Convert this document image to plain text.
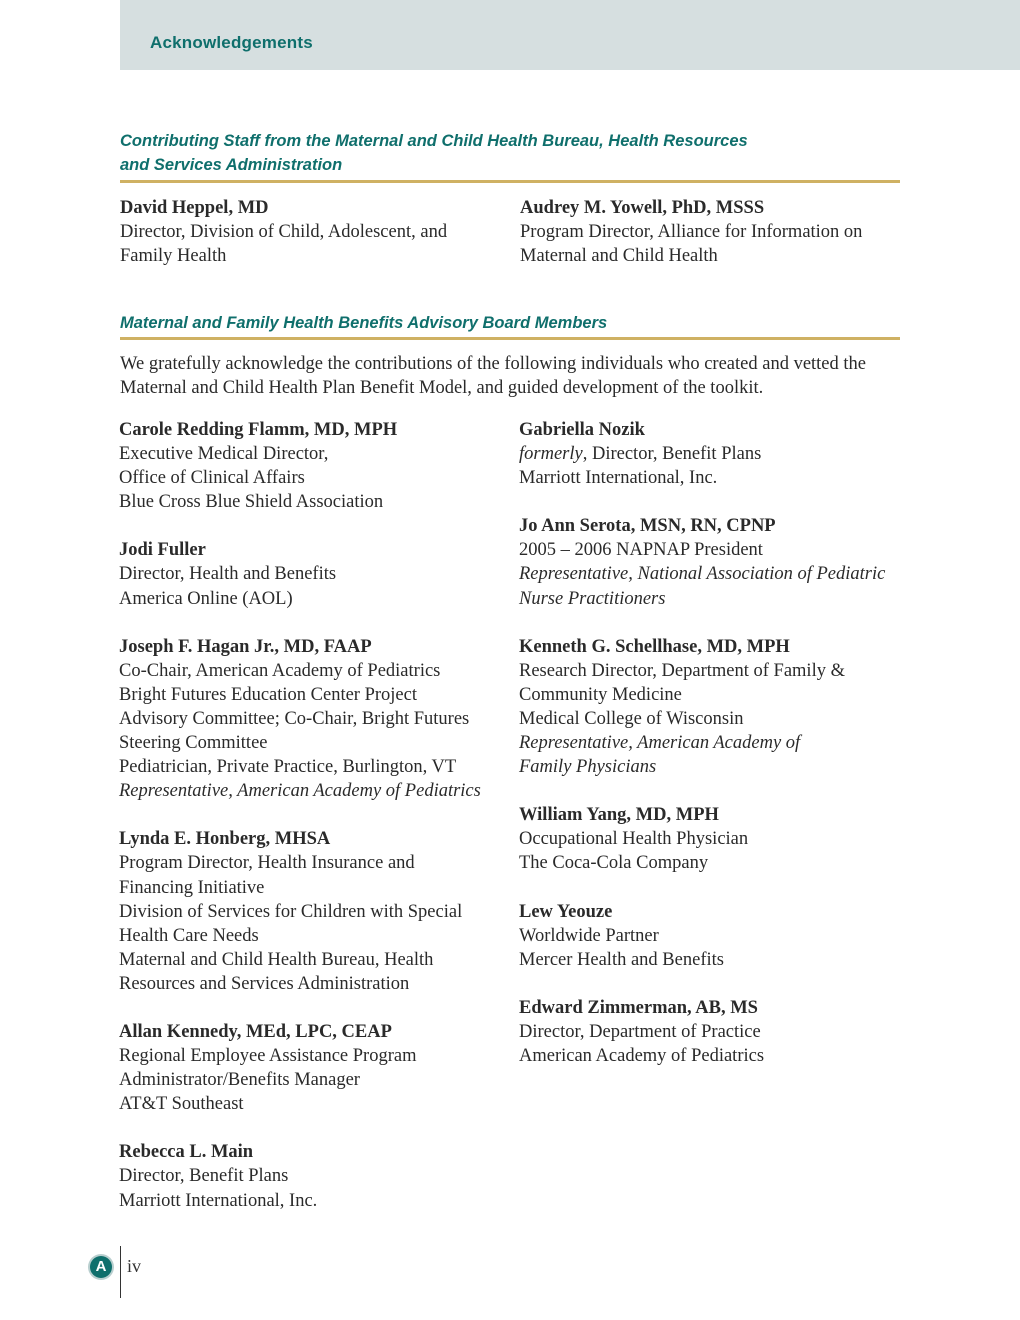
Acknowledgements
Contributing Staff from the Maternal and Child Health Bureau, Health Resources
and Services Administration
David Heppel, MD
Director, Division of Child, Adolescent, and
Family Health
Audrey M. Yowell, PhD, MSSS
Program Director, Alliance for Information on
Maternal and Child Health
Maternal and Family Health Benefits Advisory Board Members
We gratefully acknowledge the contributions of the following individuals who created and vetted the
Maternal and Child Health Plan Benefit Model, and guided development of the toolkit.
Carole Redding Flamm, MD, MPH
Executive Medical Director,
Office of Clinical Affairs
Blue Cross Blue Shield Association
Jodi Fuller
Director, Health and Benefits
America Online (AOL)
Joseph F. Hagan Jr., MD, FAAP
Co-Chair, American Academy of Pediatrics
Bright Futures Education Center Project
Advisory Committee; Co-Chair, Bright Futures
Steering Committee
Pediatrician, Private Practice, Burlington, VT
Representative, American Academy of Pediatrics
Lynda E. Honberg, MHSA
Program Director, Health Insurance and
Financing Initiative
Division of Services for Children with Special
Health Care Needs
Maternal and Child Health Bureau, Health
Resources and Services Administration
Allan Kennedy, MEd, LPC, CEAP
Regional Employee Assistance Program
Administrator/Benefits Manager
AT&T Southeast
Rebecca L. Main
Director, Benefit Plans
Marriott International, Inc.
Gabriella Nozik
formerly, Director, Benefit Plans
Marriott International, Inc.
Jo Ann Serota, MSN, RN, CPNP
2005 – 2006 NAPNAP President
Representative, National Association of Pediatric
Nurse Practitioners
Kenneth G. Schellhase, MD, MPH
Research Director, Department of Family &
Community Medicine
Medical College of Wisconsin
Representative, American Academy of
Family Physicians
William Yang, MD, MPH
Occupational Health Physician
The Coca-Cola Company
Lew Yeouze
Worldwide Partner
Mercer Health and Benefits
Edward Zimmerman, AB, MS
Director, Department of Practice
American Academy of Pediatrics
A	iv
